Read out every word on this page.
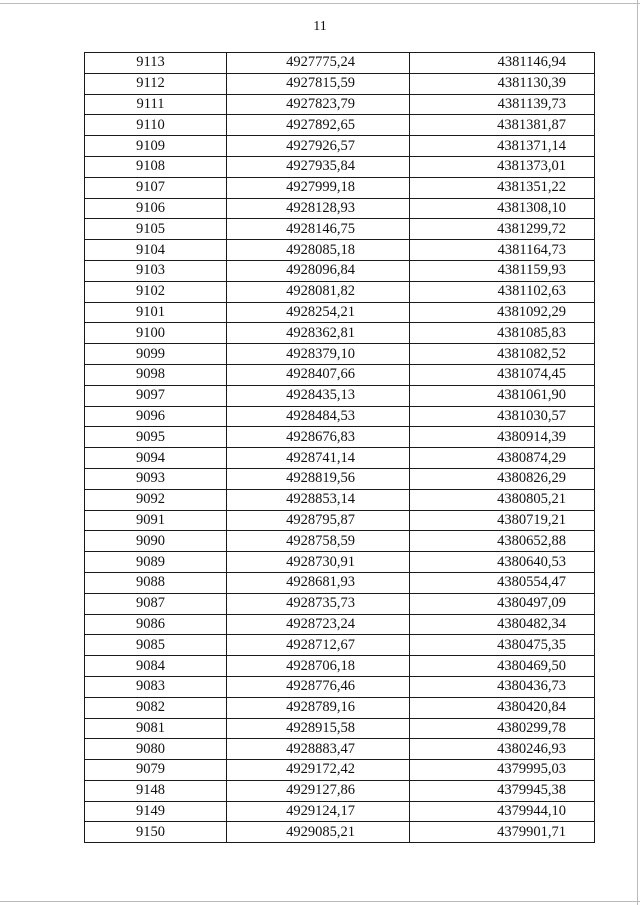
11
9113	4927775,24	4381146,94
9112	4927815,59	4381130,39
9111	4927823,79	4381139,73
9110	4927892,65	4381381,87
9109	4927926,57	4381371,14
9108	4927935,84	4381373,01
9107	4927999,18	4381351,22
9106	4928128,93	4381308,10
9105	4928146,75	4381299,72
9104	4928085,18	4381164,73
9103	4928096,84	4381159,93
9102	4928081,82	4381102,63
9101	4928254,21	4381092,29
9100	4928362,81	4381085,83
9099	4928379,10	4381082,52
9098	4928407,66	4381074,45
9097	4928435,13	4381061,90
9096	4928484,53	4381030,57
9095	4928676,83	4380914,39
9094	4928741,14	4380874,29
9093	4928819,56	4380826,29
9092	4928853,14	4380805,21
9091	4928795,87	4380719,21
9090	4928758,59	4380652,88
9089	4928730,91	4380640,53
9088	4928681,93	4380554,47
9087	4928735,73	4380497,09
9086	4928723,24	4380482,34
9085	4928712,67	4380475,35
9084	4928706,18	4380469,50
9083	4928776,46	4380436,73
9082	4928789,16	4380420,84
9081	4928915,58	4380299,78
9080	4928883,47	4380246,93
9079	4929172,42	4379995,03
9148	4929127,86	4379945,38
9149	4929124,17	4379944,10
9150	4929085,21	4379901,71
